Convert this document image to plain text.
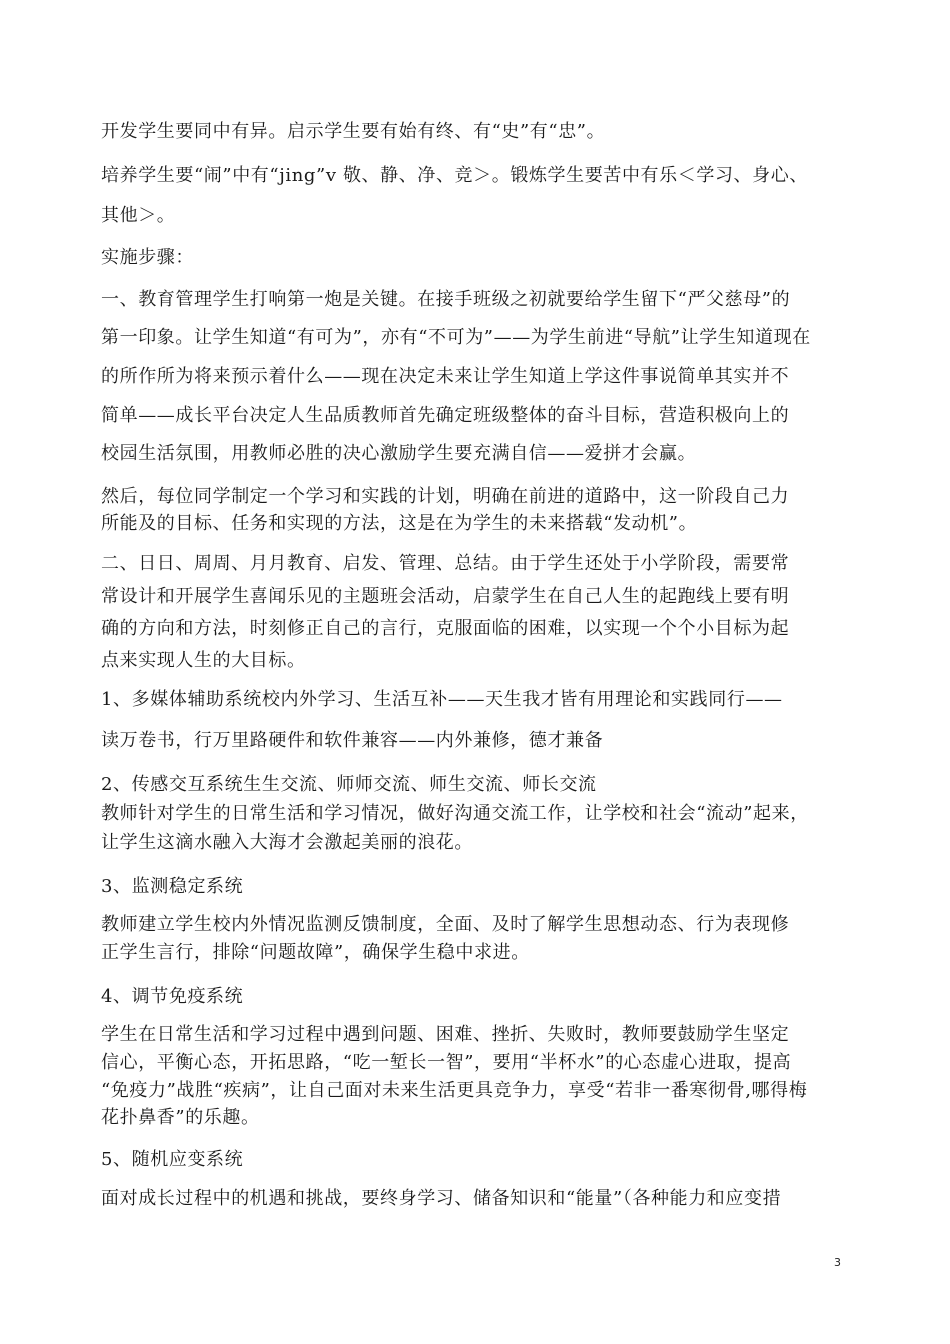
开发学生要同中有异。启示学生要有始有终、有“史”有“忠”。
培养学生要“闹”中有“jing”v 敬、静、净、竞＞。锻炼学生要苦中有乐＜学习、身心、
其他＞。
实施步骤：
一、教育管理学生打响第一炮是关键。在接手班级之初就要给学生留下“严父慈母”的
第一印象。让学生知道“有可为”，亦有“不可为”——为学生前进“导航”让学生知道现在
的所作所为将来预示着什么——现在决定未来让学生知道上学这件事说简单其实并不
简单——成长平台决定人生品质教师首先确定班级整体的奋斗目标，营造积极向上的
校园生活氛围，用教师必胜的决心激励学生要充满自信——爱拼才会赢。
然后，每位同学制定一个学习和实践的计划，明确在前进的道路中，这一阶段自己力
所能及的目标、任务和实现的方法，这是在为学生的未来搭载“发动机”。
二、日日、周周、月月教育、启发、管理、总结。由于学生还处于小学阶段，需要常
常设计和开展学生喜闻乐见的主题班会活动，启蒙学生在自己人生的起跑线上要有明
确的方向和方法，时刻修正自己的言行，克服面临的困难，以实现一个个小目标为起
点来实现人生的大目标。
1、多媒体辅助系统校内外学习、生活互补——天生我才皆有用理论和实践同行——
读万卷书，行万里路硬件和软件兼容——内外兼修，德才兼备
2、传感交互系统生生交流、师师交流、师生交流、师长交流
教师针对学生的日常生活和学习情况，做好沟通交流工作，让学校和社会“流动”起来，
让学生这滴水融入大海才会激起美丽的浪花。
3、监测稳定系统
教师建立学生校内外情况监测反馈制度，全面、及时了解学生思想动态、行为表现修
正学生言行，排除“问题故障”，确保学生稳中求进。
4、调节免疫系统
学生在日常生活和学习过程中遇到问题、困难、挫折、失败时，教师要鼓励学生坚定
信心，平衡心态，开拓思路，“吃一堑长一智”，要用“半杯水”的心态虚心进取，提高
“免疫力”战胜“疾病”，让自己面对未来生活更具竞争力，享受“若非一番寒彻骨,哪得梅
花扑鼻香”的乐趣。
5、随机应变系统
面对成长过程中的机遇和挑战，要终身学习、储备知识和“能量”（各种能力和应变措
3
